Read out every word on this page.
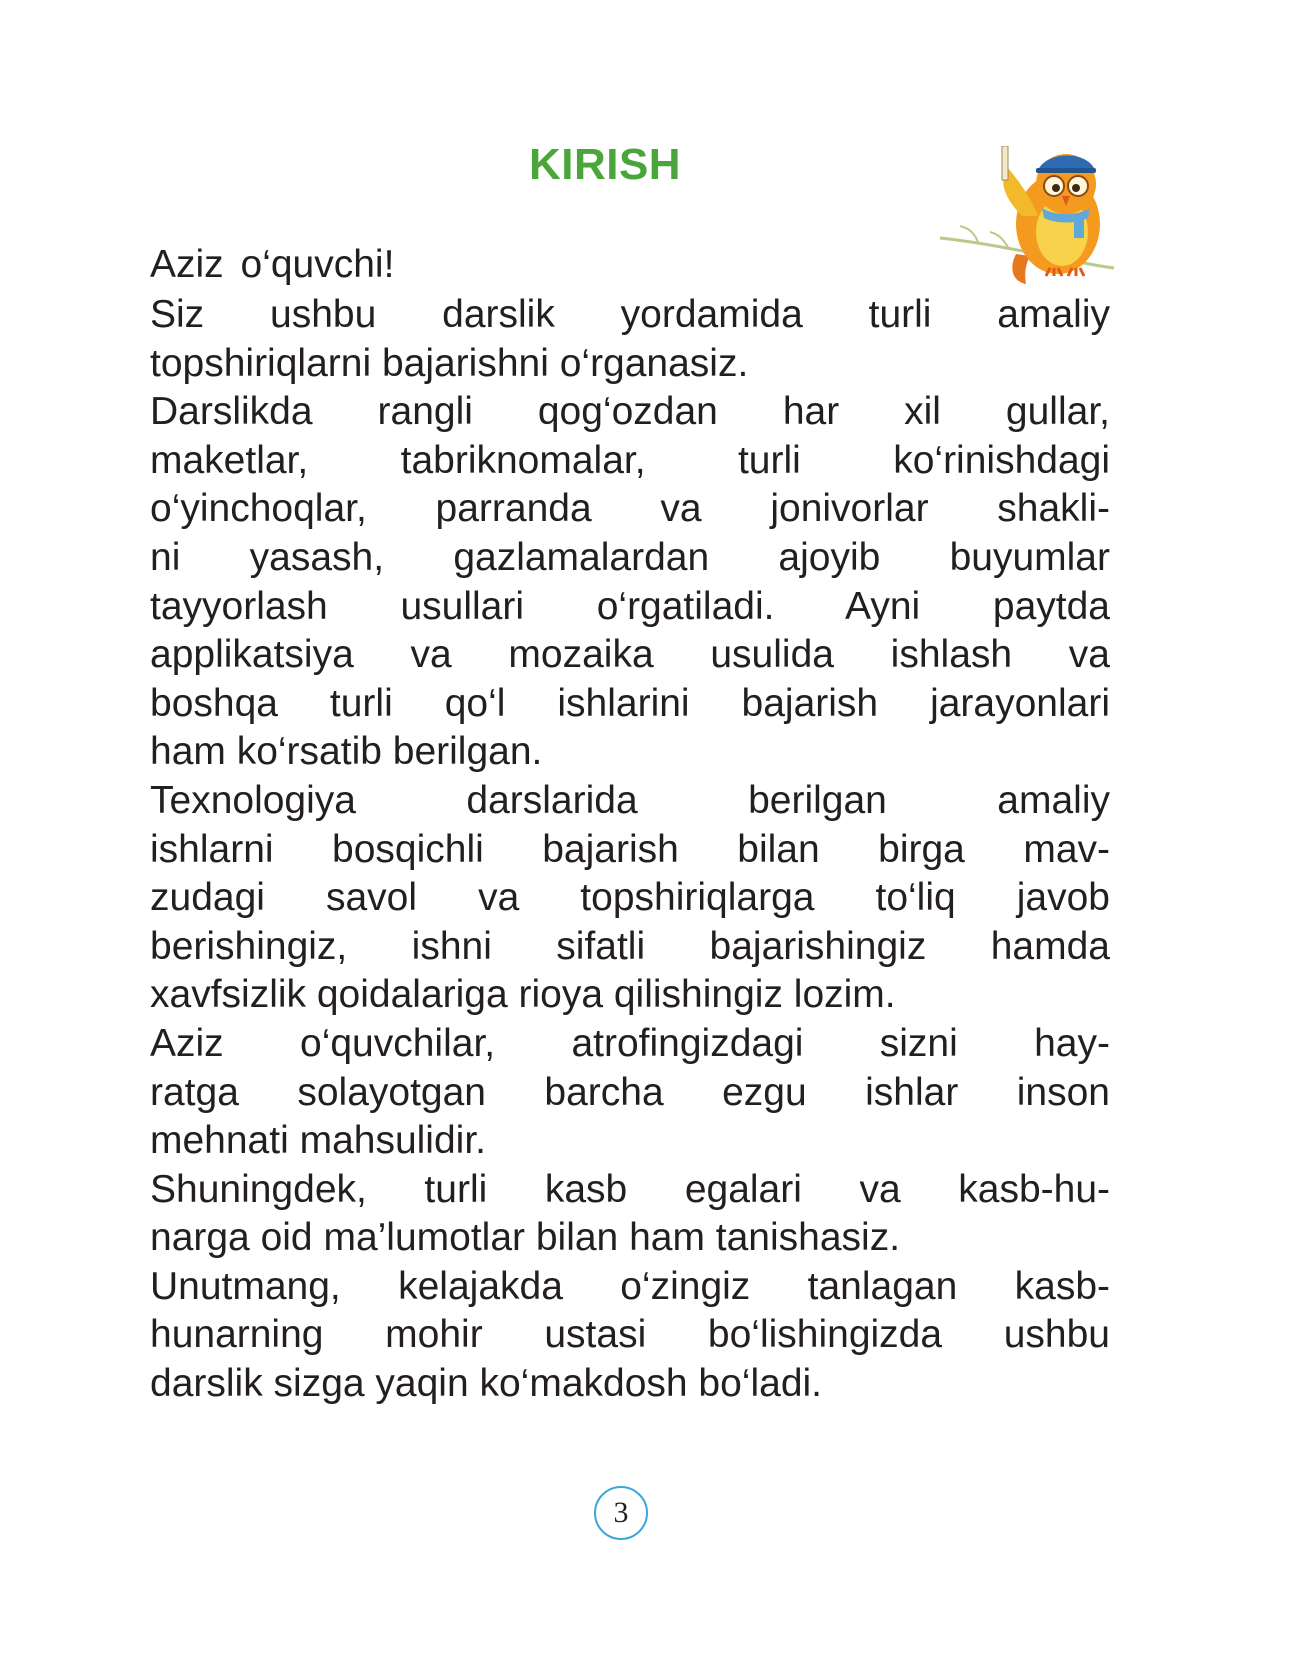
KIRISH

Aziz o‘quvchi!

Siz ushbu darslik yordamida turli amaliy
topshiriqlarni bajarishni o‘rganasiz.

Darslikda rangli qog‘ozdan har xil gullar,
maketlar, tabriknomalar, turli ko‘rinishdagi
o‘yinchoqlar, parranda va jonivorlar shakli-
ni yasash, gazlamalardan ajoyib buyumlar
tayyorlash usullari o‘rgatiladi. Ayni paytda
applikatsiya va mozaika usulida ishlash va
boshqa turli qo‘l ishlarini bajarish jarayonlari
ham ko‘rsatib berilgan.

Texnologiya darslarida berilgan amaliy
ishlarni bosqichli bajarish bilan birga mav-
zudagi savol va topshiriqlarga to‘liq javob
berishingiz, ishni sifatli bajarishingiz hamda
xavfsizlik qoidalariga rioya qilishingiz lozim.

Aziz o‘quvchilar, atrofingizdagi sizni hay-
ratga solayotgan barcha ezgu ishlar inson
mehnati mahsulidir.

Shuningdek, turli kasb egalari va kasb-hu-
narga oid ma’lumotlar bilan ham tanishasiz.

Unutmang, kelajakda o‘zingiz tanlagan kasb-
hunarning mohir ustasi bo‘lishingizda ushbu
darslik sizga yaqin ko‘makdosh bo‘ladi.

3
